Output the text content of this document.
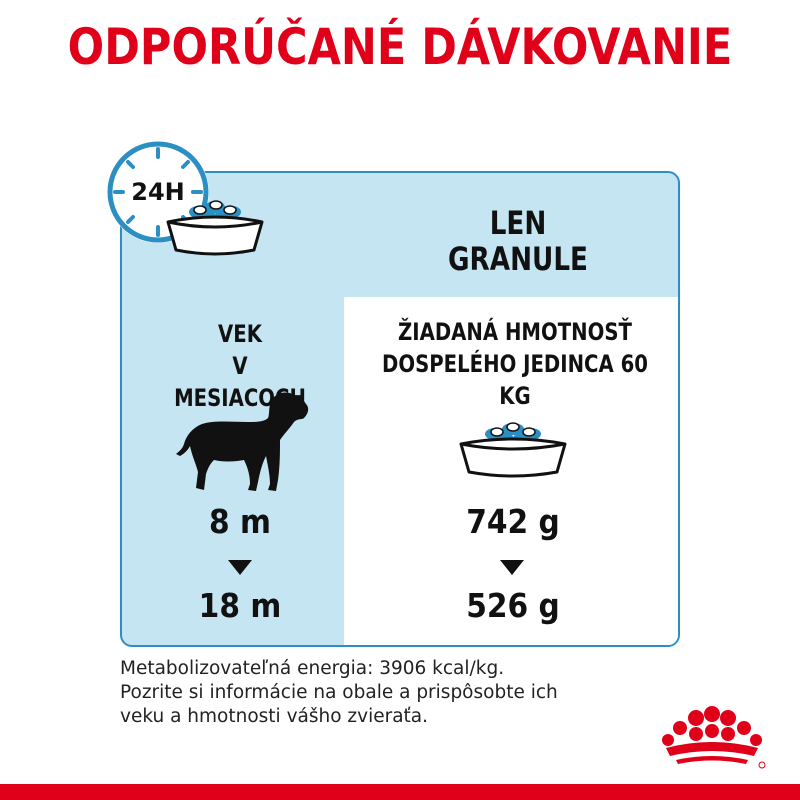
ODPORÚČANÉ DÁVKOVANIE
24H
LEN
GRANULE
VEK
V MESIACOCH
ŽIADANÁ HMOTNOSŤ
DOSPELÉHO JEDINCA 60 KG
8 m
18 m
742 g
526 g
Metabolizovateľná energia: 3906 kcal/kg.
Pozrite si informácie na obale a prispôsobte ich
veku a hmotnosti vášho zvieraťa.
